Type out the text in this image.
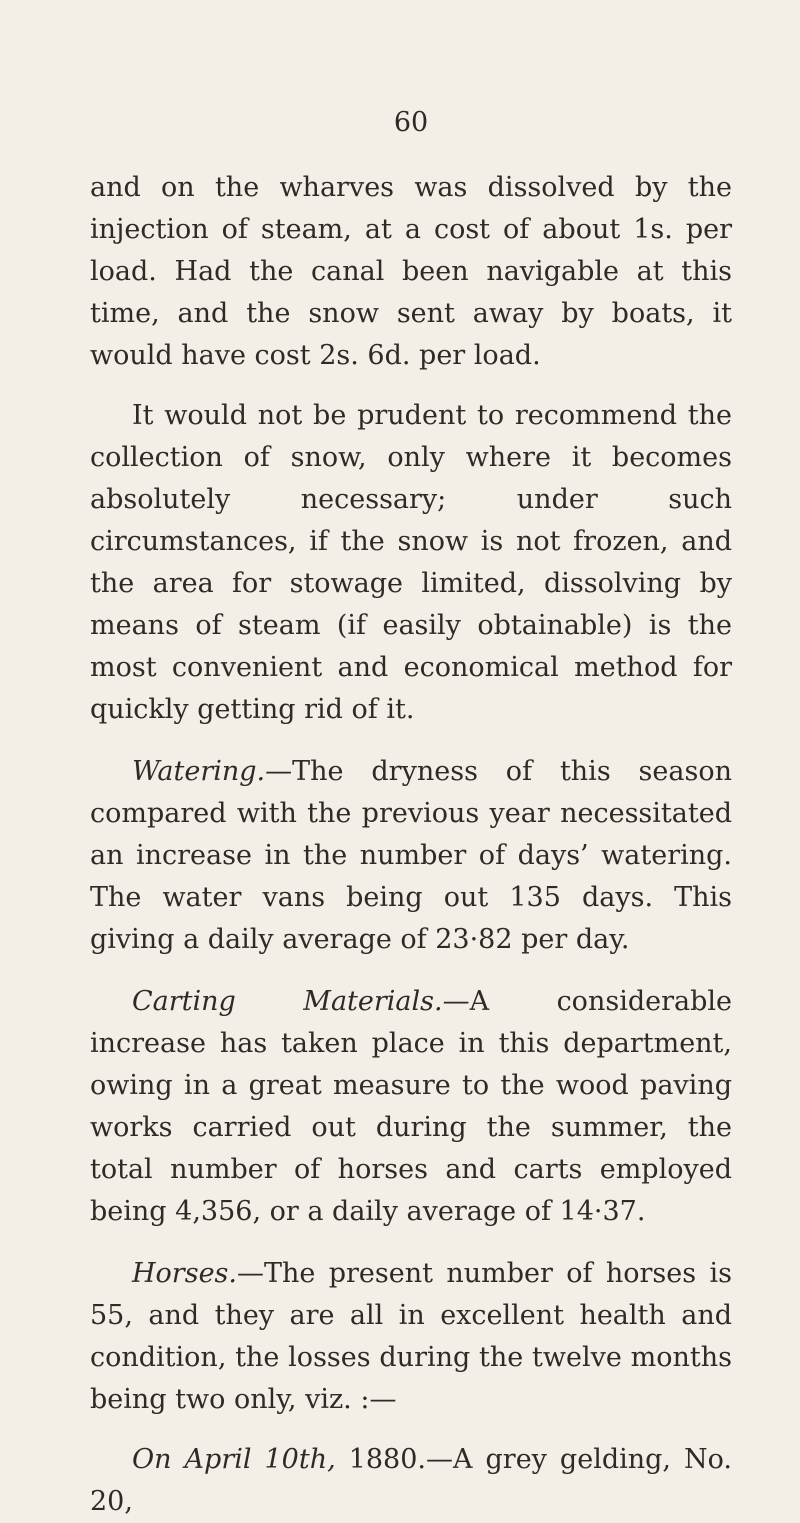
60

and on the wharves was dissolved by the injection of steam, at a cost of about 1s. per load. Had the canal been navigable at this time, and the snow sent away by boats, it would have cost 2s. 6d. per load.

It would not be prudent to recommend the collection of snow, only where it becomes absolutely necessary; under such circumstances, if the snow is not frozen, and the area for stowage limited, dissolving by means of steam (if easily obtainable) is the most convenient and economical method for quickly getting rid of it.

Watering.—The dryness of this season compared with the previous year necessitated an increase in the number of days’ watering. The water vans being out 135 days. This giving a daily average of 23·82 per day.

Carting Materials.—A considerable increase has taken place in this department, owing in a great measure to the wood paving works carried out during the summer, the total number of horses and carts employed being 4,356, or a daily average of 14·37.

Horses.—The present number of horses is 55, and they are all in excellent health and condition, the losses during the twelve months being two only, viz. :—

On April 10th, 1880.—A grey gelding, No. 20,
